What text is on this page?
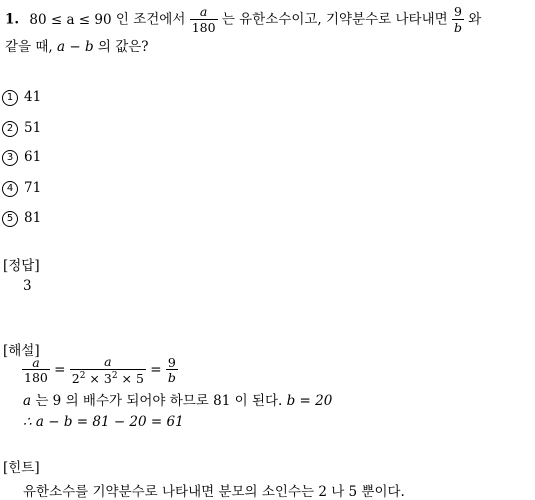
1. 80 ≤ a ≤ 90 인 조건에서 $\frac{a}{180}$ 는 유한소수이고, 기약분수로 나타내면 $\frac{9}{b}$ 와
같을 때, a − b 의 값은?
1 41
2 51
3 61
4 71
5 81
[정답]
3
[해설]
$\frac{a}{180} = \frac{a}{2^2 \times 3^2 \times 5} = \frac{9}{b}$
a 는 9 의 배수가 되어야 하므로 81 이 된다. b = 20
∴ a − b = 81 − 20 = 61
[힌트]
유한소수를 기약분수로 나타내면 분모의 소인수는 2 나 5 뿐이다.
